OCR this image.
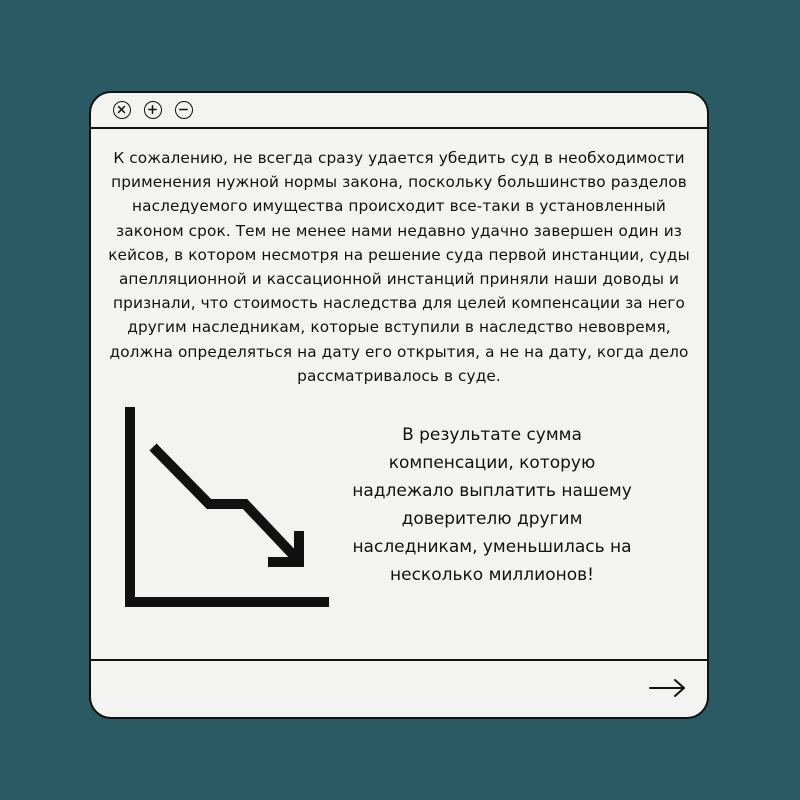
К сожалению, не всегда сразу удается убедить суд в необходимости применения нужной нормы закона, поскольку большинство разделов наследуемого имущества происходит все-таки в установленный законом срок. Тем не менее нами недавно удачно завершен один из кейсов, в котором несмотря на решение суда первой инстанции, суды апелляционной и кассационной инстанций приняли наши доводы и признали, что стоимость наследства для целей компенсации за него другим наследникам, которые вступили в наследство невовремя, должна определяться на дату его открытия, а не на дату, когда дело рассматривалось в суде.

В результате сумма компенсации, которую надлежало выплатить нашему доверителю другим наследникам, уменьшилась на несколько миллионов!
